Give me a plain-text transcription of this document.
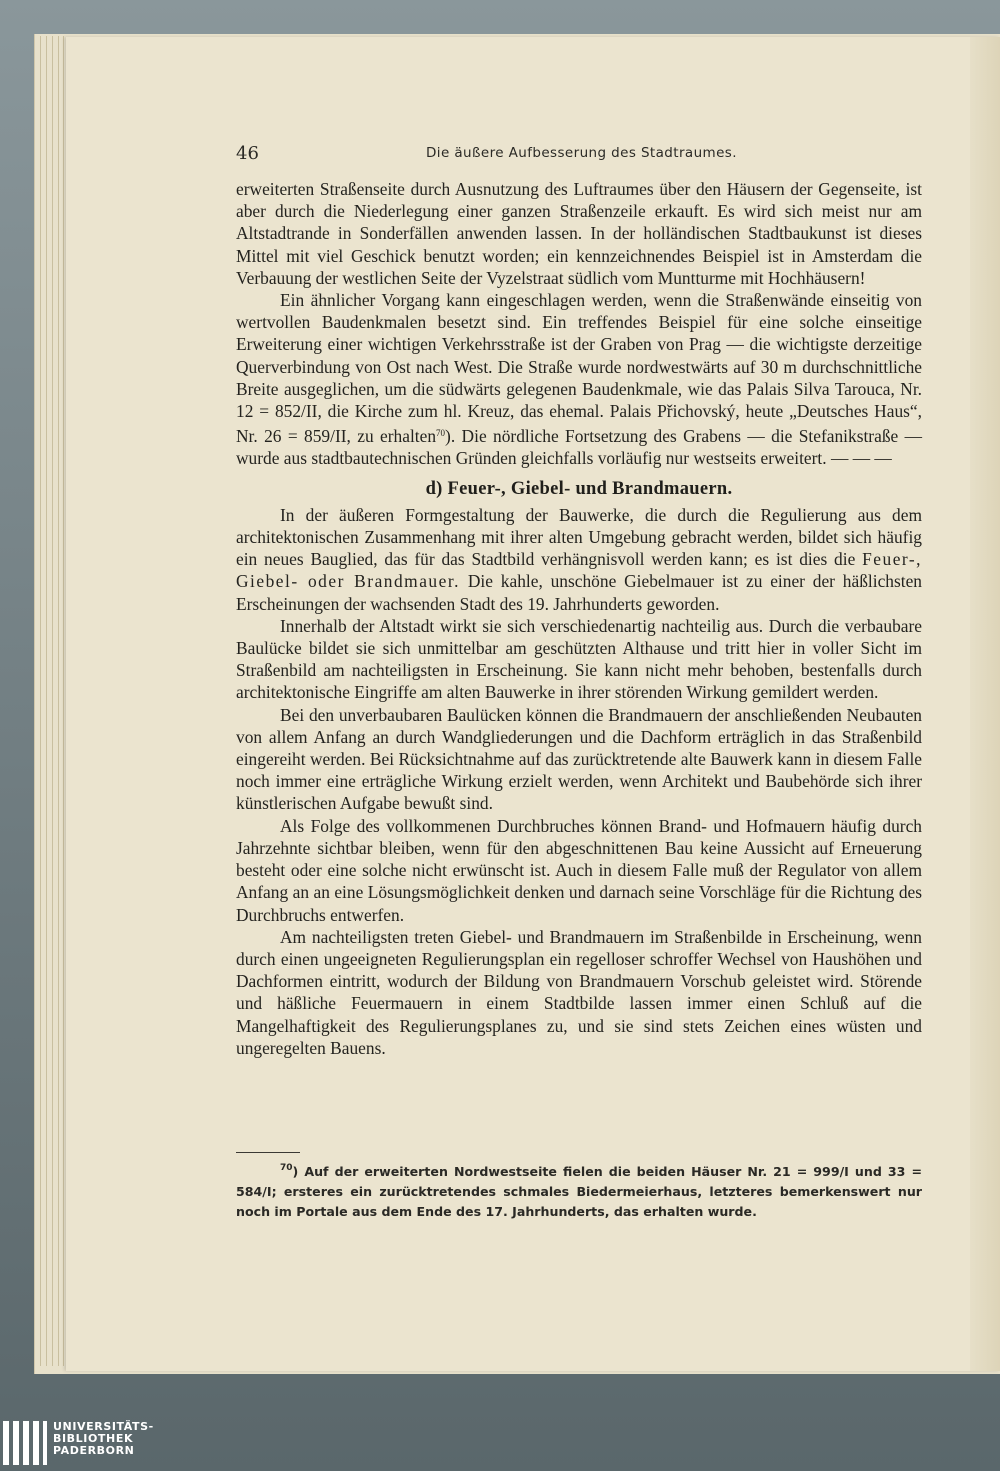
46	Die äußere Aufbesserung des Stadtraumes.

erweiterten Straßenseite durch Ausnutzung des Luftraumes über den Häusern der Gegenseite, ist aber durch die Niederlegung einer ganzen Straßenzeile erkauft. Es wird sich meist nur am Altstadtrande in Sonderfällen anwenden lassen. In der holländischen Stadtbaukunst ist dieses Mittel mit viel Geschick benutzt worden; ein kennzeichnendes Beispiel ist in Amsterdam die Verbauung der westlichen Seite der Vyzelstraat südlich vom Muntturme mit Hochhäusern!

Ein ähnlicher Vorgang kann eingeschlagen werden, wenn die Straßenwände einseitig von wertvollen Baudenkmalen besetzt sind. Ein treffendes Beispiel für eine solche einseitige Erweiterung einer wichtigen Verkehrsstraße ist der Graben von Prag — die wichtigste derzeitige Querverbindung von Ost nach West. Die Straße wurde nordwestwärts auf 30 m durchschnittliche Breite ausgeglichen, um die südwärts gelegenen Baudenkmale, wie das Palais Silva Tarouca, Nr. 12 = 852/II, die Kirche zum hl. Kreuz, das ehemal. Palais Přichovský, heute „Deutsches Haus“, Nr. 26 = 859/II, zu erhalten$^{70}$). Die nördliche Fortsetzung des Grabens — die Stefanikstraße — wurde aus stadtbautechnischen Gründen gleichfalls vorläufig nur westseits erweitert. — — —

d) Feuer-, Giebel- und Brandmauern.

In der äußeren Formgestaltung der Bauwerke, die durch die Regulierung aus dem architektonischen Zusammenhang mit ihrer alten Umgebung gebracht werden, bildet sich häufig ein neues Bauglied, das für das Stadtbild verhängnisvoll werden kann; es ist dies die Feuer-, Giebel- oder Brandmauer. Die kahle, unschöne Giebelmauer ist zu einer der häßlichsten Erscheinungen der wachsenden Stadt des 19. Jahrhunderts geworden.

Innerhalb der Altstadt wirkt sie sich verschiedenartig nachteilig aus. Durch die verbaubare Baulücke bildet sie sich unmittelbar am geschützten Althause und tritt hier in voller Sicht im Straßenbild am nachteiligsten in Erscheinung. Sie kann nicht mehr behoben, bestenfalls durch architektonische Eingriffe am alten Bauwerke in ihrer störenden Wirkung gemildert werden.

Bei den unverbaubaren Baulücken können die Brandmauern der anschließenden Neubauten von allem Anfang an durch Wandgliederungen und die Dachform erträglich in das Straßenbild eingereiht werden. Bei Rücksichtnahme auf das zurücktretende alte Bauwerk kann in diesem Falle noch immer eine erträgliche Wirkung erzielt werden, wenn Architekt und Baubehörde sich ihrer künstlerischen Aufgabe bewußt sind.

Als Folge des vollkommenen Durchbruches können Brand- und Hofmauern häufig durch Jahrzehnte sichtbar bleiben, wenn für den abgeschnittenen Bau keine Aussicht auf Erneuerung besteht oder eine solche nicht erwünscht ist. Auch in diesem Falle muß der Regulator von allem Anfang an an eine Lösungsmöglichkeit denken und darnach seine Vorschläge für die Richtung des Durchbruchs entwerfen.

Am nachteiligsten treten Giebel- und Brandmauern im Straßenbilde in Erscheinung, wenn durch einen ungeeigneten Regulierungsplan ein regelloser schroffer Wechsel von Haushöhen und Dachformen eintritt, wodurch der Bildung von Brandmauern Vorschub geleistet wird. Störende und häßliche Feuermauern in einem Stadtbilde lassen immer einen Schluß auf die Mangelhaftigkeit des Regulierungsplanes zu, und sie sind stets Zeichen eines wüsten und ungeregelten Bauens.

$^{70}$) Auf der erweiterten Nordwestseite fielen die beiden Häuser Nr. 21 = 999/I und 33 = 584/I; ersteres ein zurücktretendes schmales Biedermeierhaus, letzteres bemerkenswert nur noch im Portale aus dem Ende des 17. Jahrhunderts, das erhalten wurde.

UNIVERSITÄTS-
BIBLIOTHEK
PADERBORN
